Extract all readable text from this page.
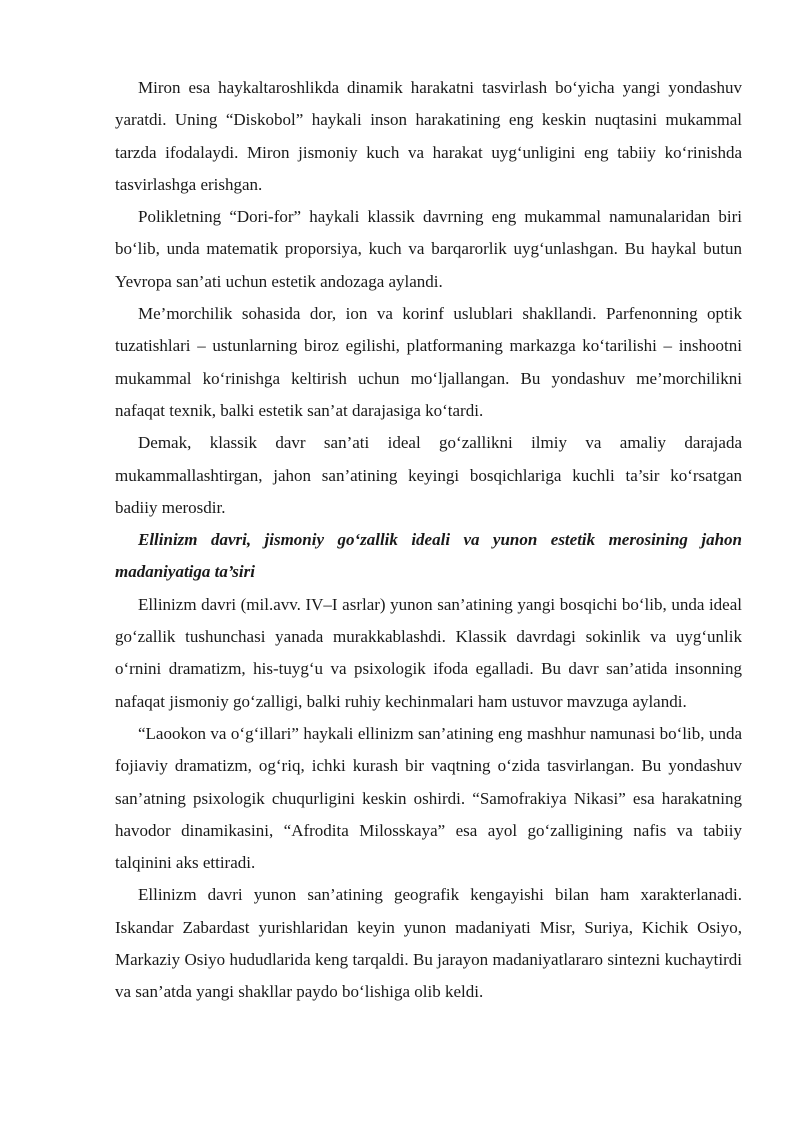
Miron esa haykaltaroshlikda dinamik harakatni tasvirlash bo‘yicha yangi yondashuv yaratdi. Uning “Diskobol” haykali inson harakatining eng keskin nuqtasini mukammal tarzda ifodalaydi. Miron jismoniy kuch va harakat uyg‘unligini eng tabiiy ko‘rinishda tasvirlashga erishgan.

Polikletning “Dori-for” haykali klassik davrning eng mukammal namunalaridan biri bo‘lib, unda matematik proporsiya, kuch va barqarorlik uyg‘unlashgan. Bu haykal butun Yevropa san’ati uchun estetik andozaga aylandi.

Me’morchilik sohasida dor, ion va korinf uslublari shakllandi. Parfenonning optik tuzatishlari – ustunlarning biroz egilishi, platformaning markazga ko‘tarilishi – inshootni mukammal ko‘rinishga keltirish uchun mo‘ljallangan. Bu yondashuv me’morchilikni nafaqat texnik, balki estetik san’at darajasiga ko‘tardi.

Demak, klassik davr san’ati ideal go‘zallikni ilmiy va amaliy darajada mukammallashtirgan, jahon san’atining keyingi bosqichlariga kuchli ta’sir ko‘rsatgan badiiy merosdir.

Ellinizm davri, jismoniy go‘zallik ideali va yunon estetik merosining jahon madaniyatiga ta’siri

Ellinizm davri (mil.avv. IV–I asrlar) yunon san’atining yangi bosqichi bo‘lib, unda ideal go‘zallik tushunchasi yanada murakkablashdi. Klassik davrdagi sokinlik va uyg‘unlik o‘rnini dramatizm, his-tuyg‘u va psixologik ifoda egalladi. Bu davr san’atida insonning nafaqat jismoniy go‘zalligi, balki ruhiy kechinmalari ham ustuvor mavzuga aylandi.

“Laookon va o‘g‘illari” haykali ellinizm san’atining eng mashhur namunasi bo‘lib, unda fojiaviy dramatizm, og‘riq, ichki kurash bir vaqtning o‘zida tasvirlangan. Bu yondashuv san’atning psixologik chuqurligini keskin oshirdi. “Samofrakiya Nikasi” esa harakatning havodor dinamikasini, “Afrodita Milosskaya” esa ayol go‘zalligining nafis va tabiiy talqinini aks ettiradi.

Ellinizm davri yunon san’atining geografik kengayishi bilan ham xarakterlanadi. Iskandar Zabardast yurishlaridan keyin yunon madaniyati Misr, Suriya, Kichik Osiyo, Markaziy Osiyo hududlarida keng tarqaldi. Bu jarayon madaniyatlararo sintezni kuchaytirdi va san’atda yangi shakllar paydo bo‘lishiga olib keldi.
